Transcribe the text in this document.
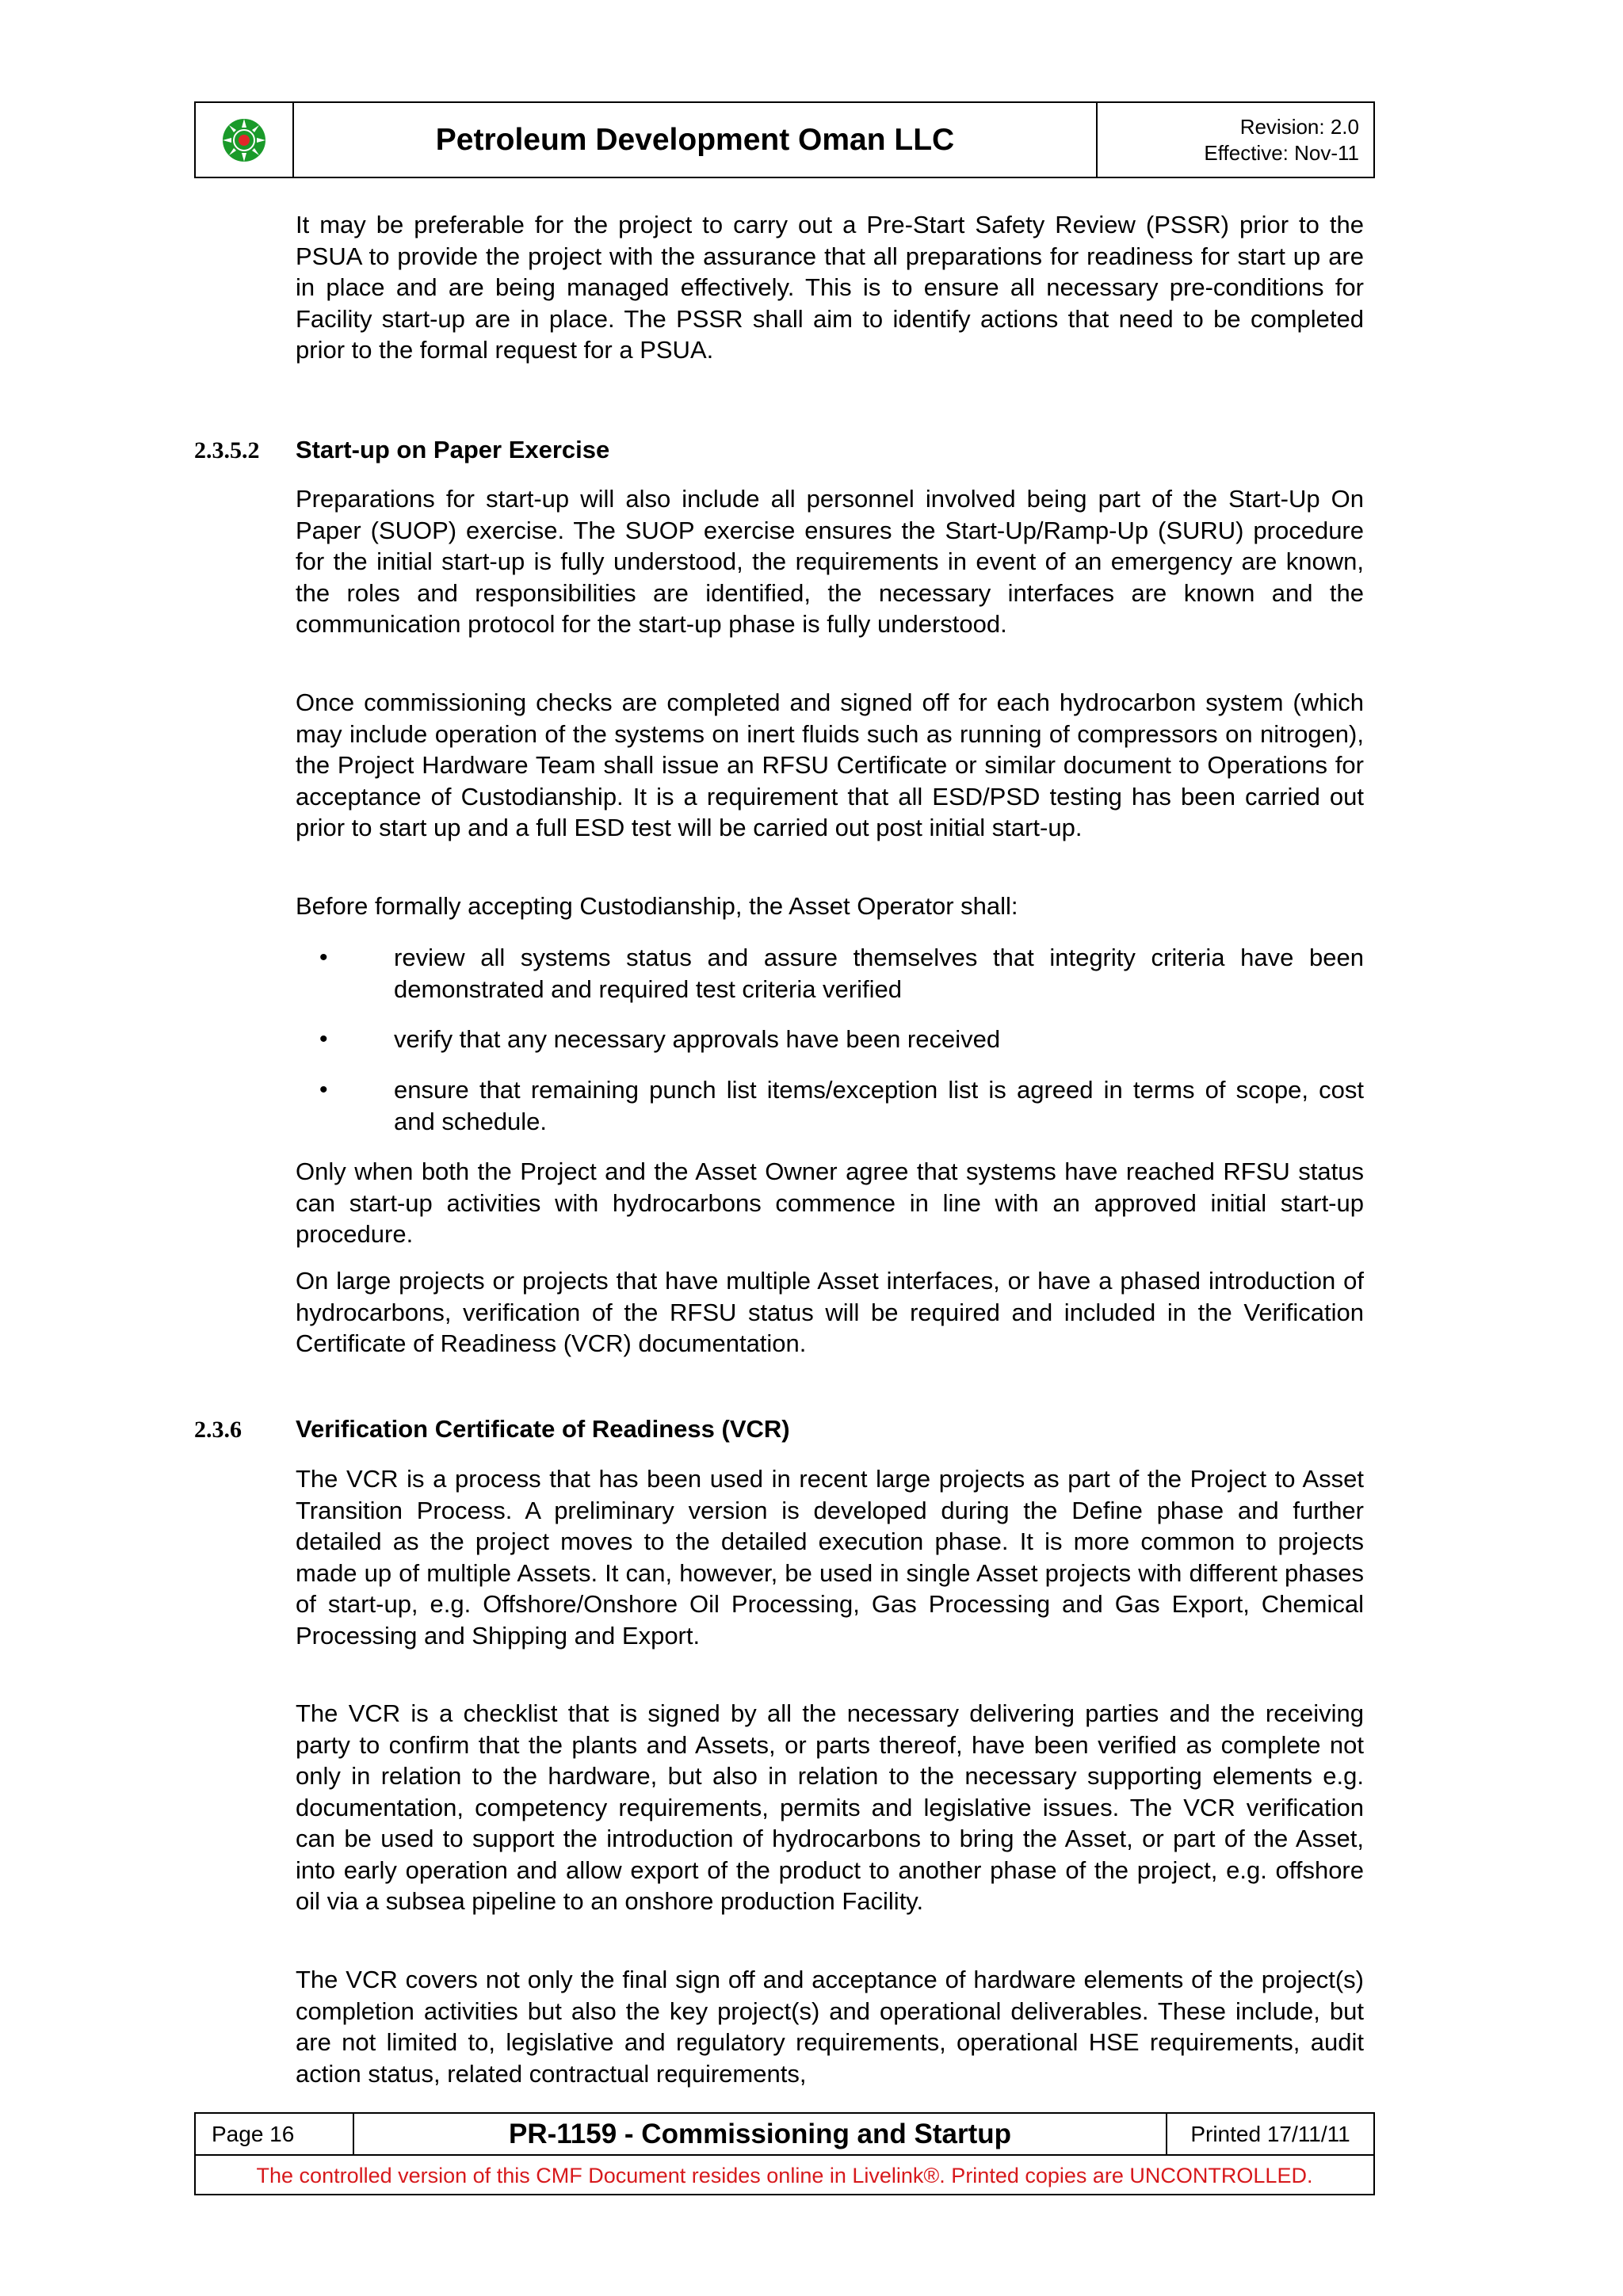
Petroleum Development Oman LLC	Revision: 2.0
Effective: Nov-11

It may be preferable for the project to carry out a Pre-Start Safety Review (PSSR) prior to the PSUA to provide the project with the assurance that all preparations for readiness for start up are in place and are being managed effectively. This is to ensure all necessary pre-conditions for Facility start-up are in place. The PSSR shall aim to identify actions that need to be completed prior to the formal request for a PSUA.

2.3.5.2 Start-up on Paper Exercise

Preparations for start-up will also include all personnel involved being part of the Start-Up On Paper (SUOP) exercise. The SUOP exercise ensures the Start-Up/Ramp-Up (SURU) procedure for the initial start-up is fully understood, the requirements in event of an emergency are known, the roles and responsibilities are identified, the necessary interfaces are known and the communication protocol for the start-up phase is fully understood.

Once commissioning checks are completed and signed off for each hydrocarbon system (which may include operation of the systems on inert fluids such as running of compressors on nitrogen), the Project Hardware Team shall issue an RFSU Certificate or similar document to Operations for acceptance of Custodianship. It is a requirement that all ESD/PSD testing has been carried out prior to start up and a full ESD test will be carried out post initial start-up.

Before formally accepting Custodianship, the Asset Operator shall:

•	review all systems status and assure themselves that integrity criteria have been demonstrated and required test criteria verified
•	verify that any necessary approvals have been received
•	ensure that remaining punch list items/exception list is agreed in terms of scope, cost and schedule.

Only when both the Project and the Asset Owner agree that systems have reached RFSU status can start-up activities with hydrocarbons commence in line with an approved initial start-up procedure.

On large projects or projects that have multiple Asset interfaces, or have a phased introduction of hydrocarbons, verification of the RFSU status will be required and included in the Verification Certificate of Readiness (VCR) documentation.

2.3.6 Verification Certificate of Readiness (VCR)

The VCR is a process that has been used in recent large projects as part of the Project to Asset Transition Process. A preliminary version is developed during the Define phase and further detailed as the project moves to the detailed execution phase. It is more common to projects made up of multiple Assets. It can, however, be used in single Asset projects with different phases of start-up, e.g. Offshore/Onshore Oil Processing, Gas Processing and Gas Export, Chemical Processing and Shipping and Export.

The VCR is a checklist that is signed by all the necessary delivering parties and the receiving party to confirm that the plants and Assets, or parts thereof, have been verified as complete not only in relation to the hardware, but also in relation to the necessary supporting elements e.g. documentation, competency requirements, permits and legislative issues. The VCR verification can be used to support the introduction of hydrocarbons to bring the Asset, or part of the Asset, into early operation and allow export of the product to another phase of the project, e.g. offshore oil via a subsea pipeline to an onshore production Facility.

The VCR covers not only the final sign off and acceptance of hardware elements of the project(s) completion activities but also the key project(s) and operational deliverables. These include, but are not limited to, legislative and regulatory requirements, operational HSE requirements, audit action status, related contractual requirements,

Page 16	PR-1159 - Commissioning and Startup	Printed 17/11/11
The controlled version of this CMF Document resides online in Livelink®. Printed copies are UNCONTROLLED.
